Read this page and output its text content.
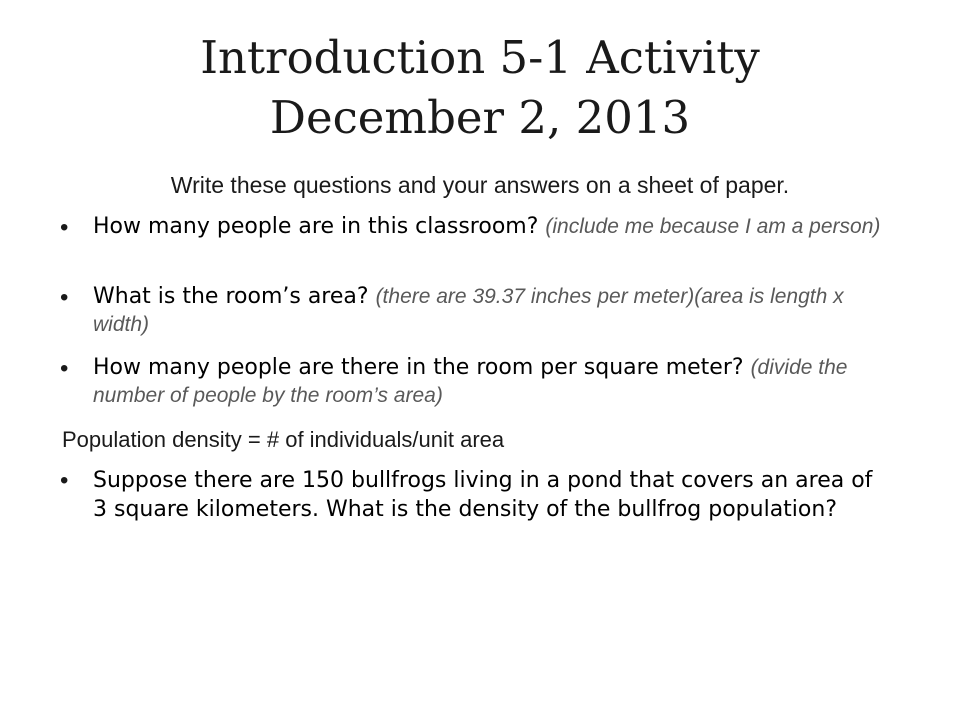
Introduction 5-1 Activity
December 2, 2013
Write these questions and your answers on a sheet of paper.
• How many people are in this classroom? (include me because I am a person)
• What is the room’s area? (there are 39.37 inches per meter)(area is length x width)
• How many people are there in the room per square meter? (divide the number of people by the room’s area)
Population density = # of individuals/unit area
• Suppose there are 150 bullfrogs living in a pond that covers an area of 3 square kilometers. What is the density of the bullfrog population?
